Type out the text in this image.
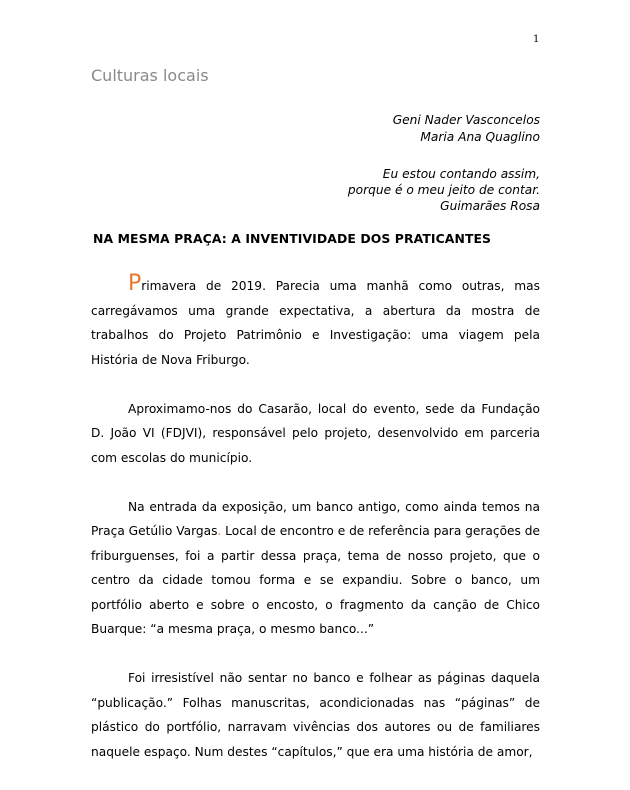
1
Culturas locais
Geni Nader Vasconcelos
Maria Ana Quaglino
Eu estou contando assim,
porque é o meu jeito de contar.
Guimarães Rosa
NA MESMA PRAÇA: A INVENTIVIDADE DOS PRATICANTES

Primavera de 2019. Parecia uma manhã como outras, mas carregávamos uma grande expectativa, a abertura da mostra de trabalhos do Projeto Patrimônio e Investigação: uma viagem pela História de Nova Friburgo.

Aproximamo-nos do Casarão, local do evento, sede da Fundação D. João VI (FDJVI), responsável pelo projeto, desenvolvido em parceria com escolas do município.

Na entrada da exposição, um banco antigo, como ainda temos na Praça Getúlio Vargas. Local de encontro e de referência para gerações de friburguenses, foi a partir dessa praça, tema de nosso projeto, que o centro da cidade tomou forma e se expandiu. Sobre o banco, um portfólio aberto e sobre o encosto, o fragmento da canção de Chico Buarque: “a mesma praça, o mesmo banco...”

Foi irresistível não sentar no banco e folhear as páginas daquela “publicação.” Folhas manuscritas, acondicionadas nas “páginas” de plástico do portfólio, narravam vivências dos autores ou de familiares naquele espaço. Num destes “capítulos,” que era uma história de amor,
